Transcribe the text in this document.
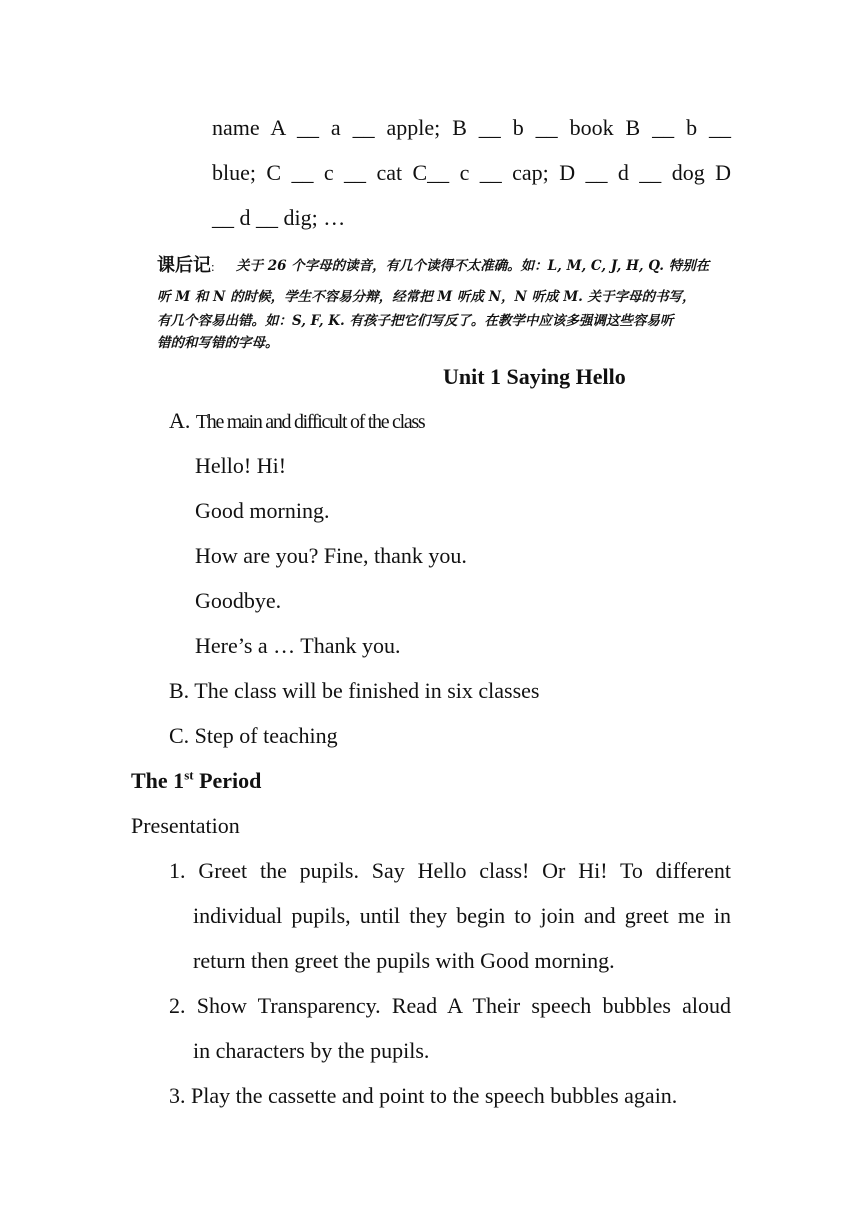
name A __ a __ apple; B __ b __ book B __ b __
blue; C __ c __ cat C__ c __ cap; D __ d __ dog D
__ d __ dig; …
课后记: 关于 26 个字母的读音，有几个读得不太准确。如：L, M, C, J, H, Q. 特别在
听 M 和 N 的时候，学生不容易分辩，经常把 M 听成 N，N 听成 M. 关于字母的书写，
有几个容易出错。如：S, F, K. 有孩子把它们写反了。在教学中应该多强调这些容易听
错的和写错的字母。
Unit 1 Saying Hello
A. The main and difficult of the class
Hello! Hi!
Good morning.
How are you? Fine, thank you.
Goodbye.
Here’s a … Thank you.
B. The class will be finished in six classes
C. Step of teaching
The 1st Period
Presentation
1. Greet the pupils. Say Hello class! Or Hi! To different
individual pupils, until they begin to join and greet me in
return then greet the pupils with Good morning.
2. Show Transparency. Read A Their speech bubbles aloud
in characters by the pupils.
3. Play the cassette and point to the speech bubbles again.
